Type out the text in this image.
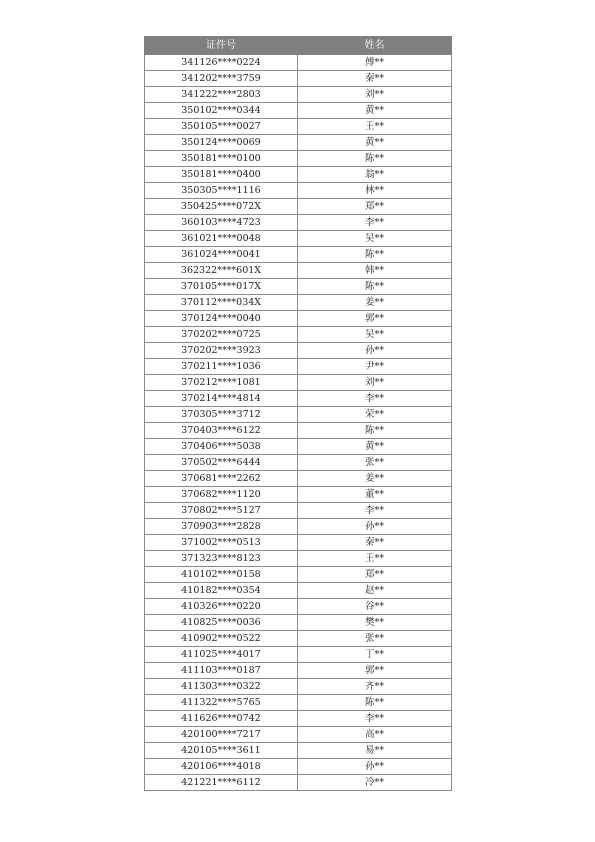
证件号	姓名
341126****0224	傅**
341202****3759	秦**
341222****2803	刘**
350102****0344	黄**
350105****0027	王**
350124****0069	黄**
350181****0100	陈**
350181****0400	翁**
350305****1116	林**
350425****072X	郑**
360103****4723	李**
361021****0048	吴**
361024****0041	陈**
362322****601X	韩**
370105****017X	陈**
370112****034X	姜**
370124****0040	郭**
370202****0725	吴**
370202****3923	孙**
370211****1036	尹**
370212****1081	刘**
370214****4814	李**
370305****3712	荣**
370403****6122	陈**
370406****5038	黄**
370502****6444	张**
370681****2262	姜**
370682****1120	董**
370802****5127	李**
370903****2828	孙**
371002****0513	秦**
371323****8123	王**
410102****0158	郑**
410182****0354	赵**
410326****0220	谷**
410825****0036	樊**
410902****0522	张**
411025****4017	丁**
411103****0187	郭**
411303****0322	齐**
411322****5765	陈**
411626****0742	李**
420100****7217	高**
420105****3611	易**
420106****4018	孙**
421221****6112	冷**
